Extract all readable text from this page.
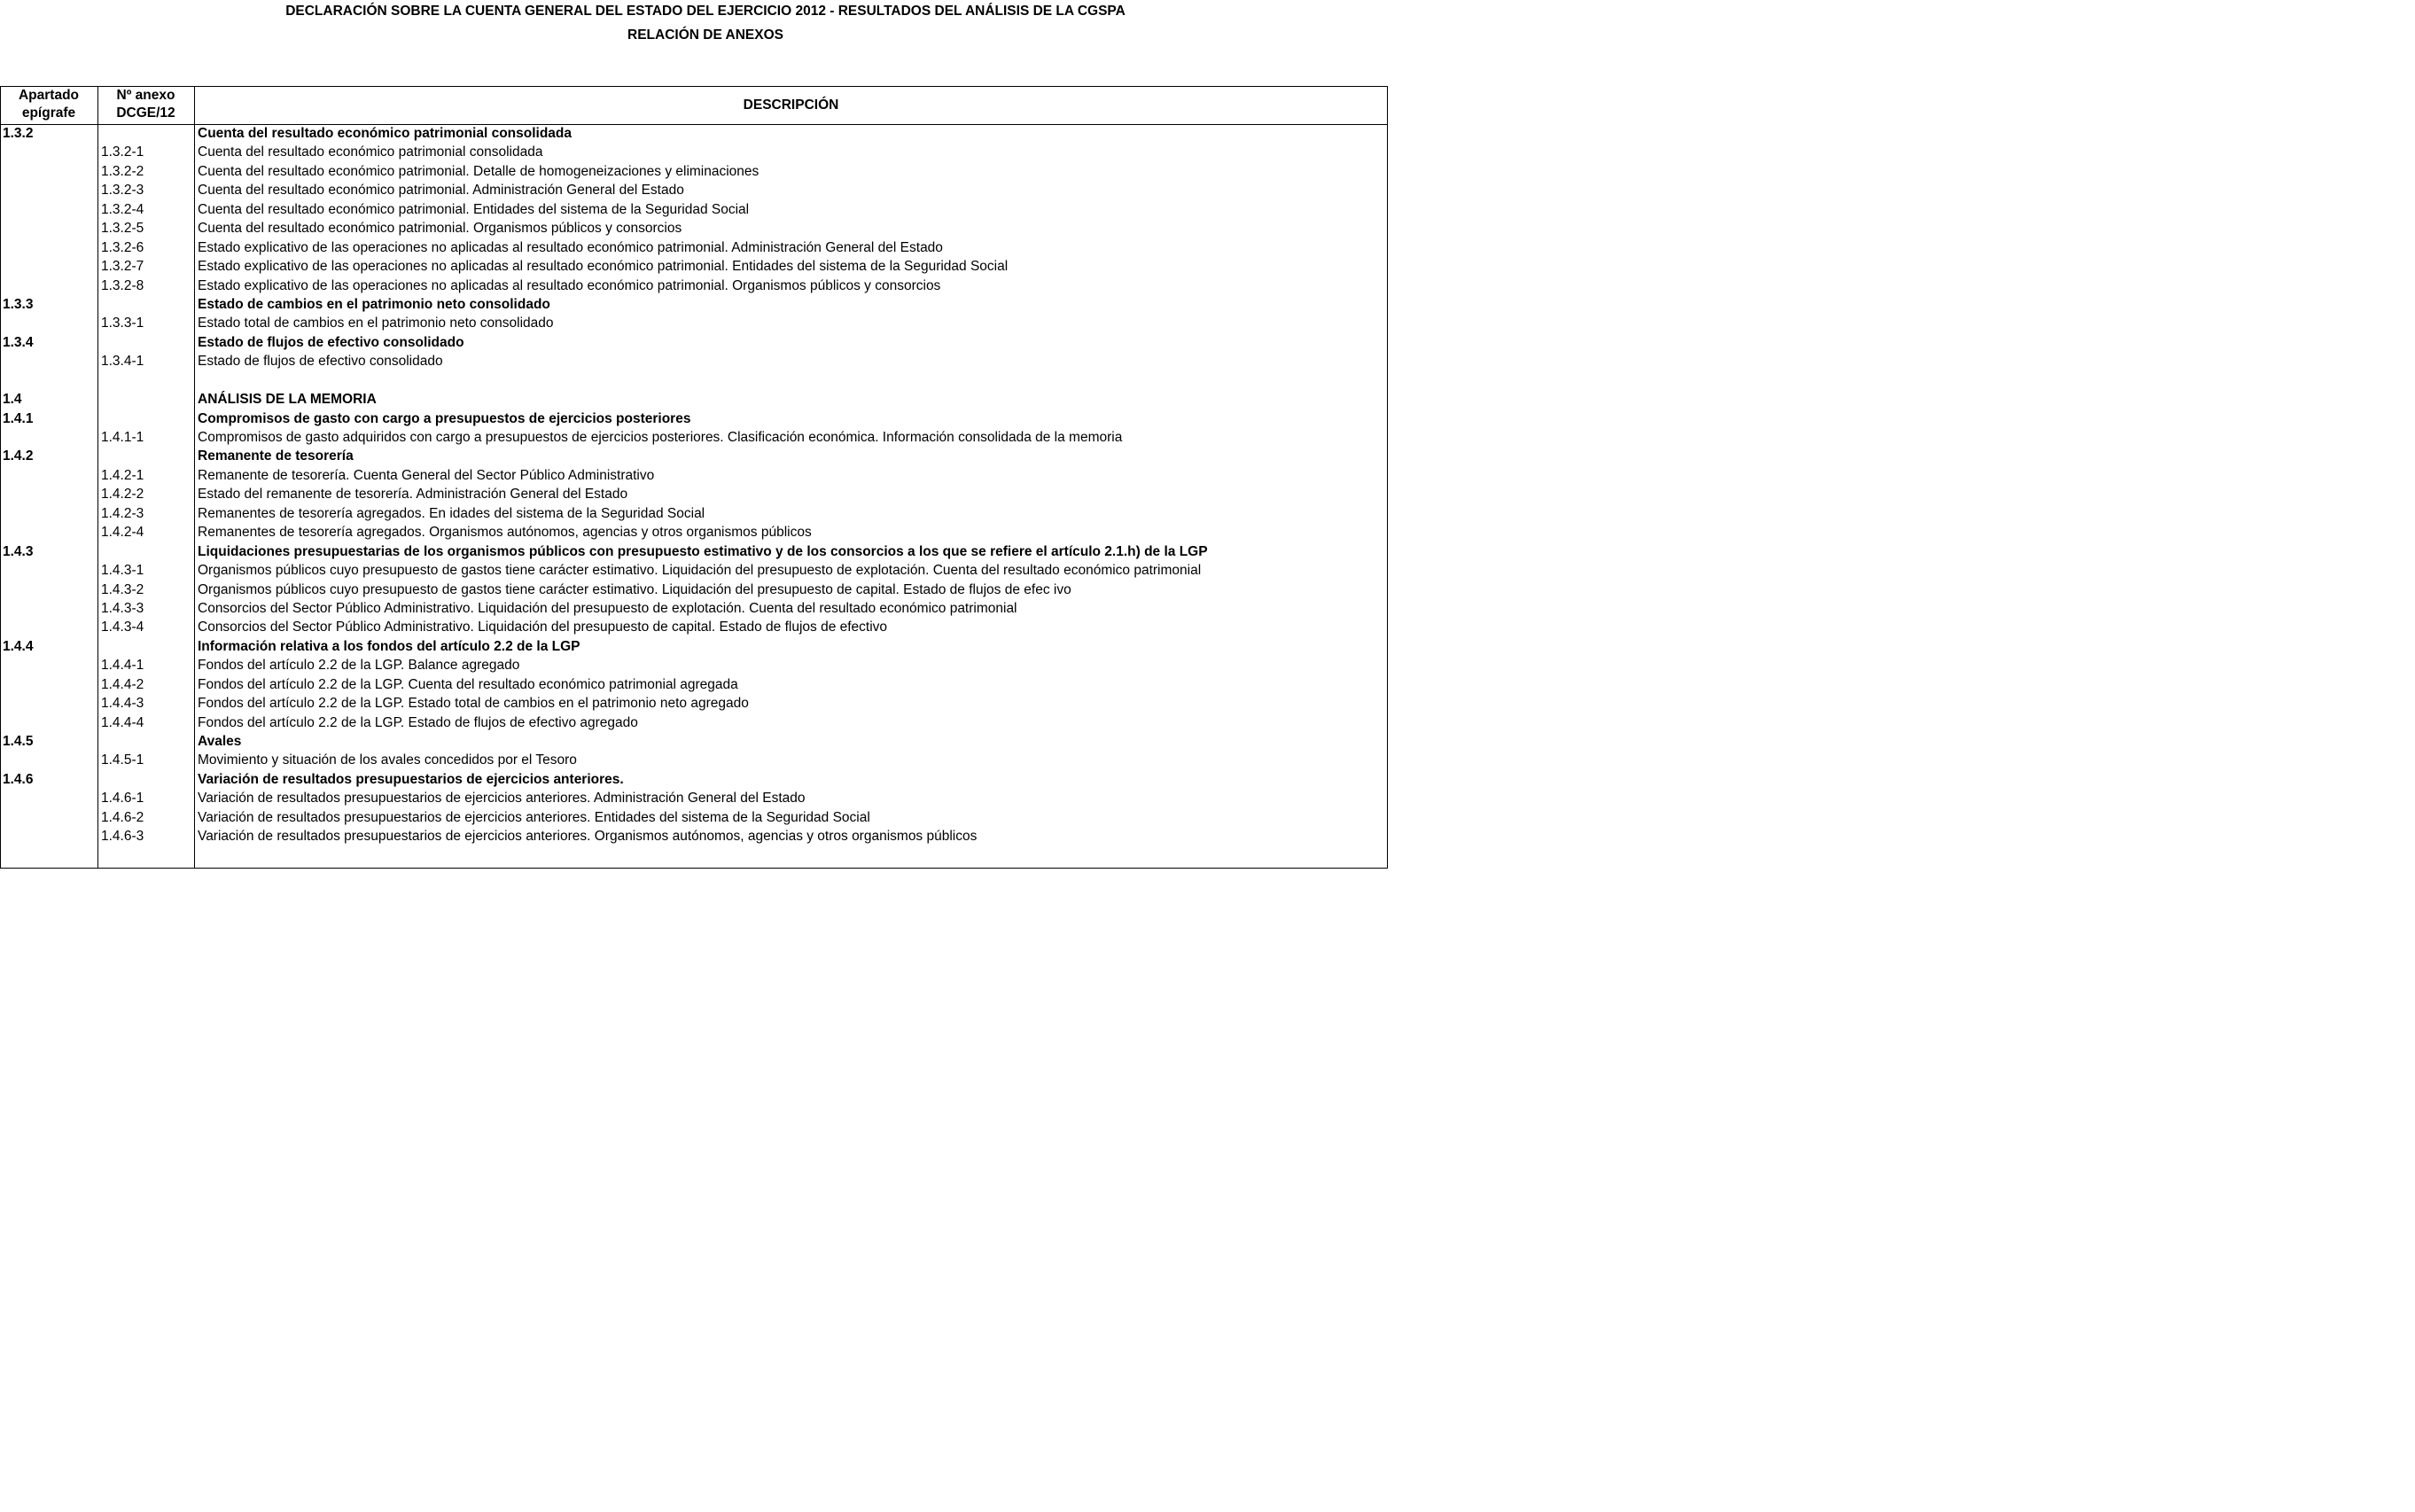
DECLARACIÓN SOBRE LA CUENTA GENERAL DEL ESTADO DEL EJERCICIO 2012 - RESULTADOS DEL ANÁLISIS DE LA CGSPA
RELACIÓN DE ANEXOS
Apartado
epígrafe
Nº anexo
DCGE/12
DESCRIPCIÓN
1.3.2	Cuenta del resultado económico patrimonial consolidada
1.3.2-1	Cuenta del resultado económico patrimonial consolidada
1.3.2-2	Cuenta del resultado económico patrimonial. Detalle de homogeneizaciones y eliminaciones
1.3.2-3	Cuenta del resultado económico patrimonial. Administración General del Estado
1.3.2-4	Cuenta del resultado económico patrimonial. Entidades del sistema de la Seguridad Social
1.3.2-5	Cuenta del resultado económico patrimonial. Organismos públicos y consorcios
1.3.2-6	Estado explicativo de las operaciones no aplicadas al resultado económico patrimonial. Administración General del Estado
1.3.2-7	Estado explicativo de las operaciones no aplicadas al resultado económico patrimonial. Entidades del sistema de la Seguridad Social
1.3.2-8	Estado explicativo de las operaciones no aplicadas al resultado económico patrimonial. Organismos públicos y consorcios
1.3.3	Estado de cambios en el patrimonio neto consolidado
1.3.3-1	Estado total de cambios en el patrimonio neto consolidado
1.3.4	Estado de flujos de efectivo consolidado
1.3.4-1	Estado de flujos de efectivo consolidado
1.4	ANÁLISIS DE LA MEMORIA
1.4.1	Compromisos de gasto con cargo a presupuestos de ejercicios posteriores
1.4.1-1	Compromisos de gasto adquiridos con cargo a presupuestos de ejercicios posteriores. Clasificación económica. Información consolidada de la memoria
1.4.2	Remanente de tesorería
1.4.2-1	Remanente de tesorería. Cuenta General del Sector Público Administrativo
1.4.2-2	Estado del remanente de tesorería. Administración General del Estado
1.4.2-3	Remanentes de tesorería agregados. En idades del sistema de la Seguridad Social
1.4.2-4	Remanentes de tesorería agregados. Organismos autónomos, agencias y otros organismos públicos
1.4.3	Liquidaciones presupuestarias de los organismos públicos con presupuesto estimativo y de los consorcios a los que se refiere el artículo 2.1.h) de la LGP
1.4.3-1	Organismos públicos cuyo presupuesto de gastos tiene carácter estimativo. Liquidación del presupuesto de explotación. Cuenta del resultado económico patrimonial
1.4.3-2	Organismos públicos cuyo presupuesto de gastos tiene carácter estimativo. Liquidación del presupuesto de capital. Estado de flujos de efec ivo
1.4.3-3	Consorcios del Sector Público Administrativo. Liquidación del presupuesto de explotación. Cuenta del resultado económico patrimonial
1.4.3-4	Consorcios del Sector Público Administrativo. Liquidación del presupuesto de capital. Estado de flujos de efectivo
1.4.4	Información relativa a los fondos del artículo 2.2 de la LGP
1.4.4-1	Fondos del artículo 2.2 de la LGP. Balance agregado
1.4.4-2	Fondos del artículo 2.2 de la LGP. Cuenta del resultado económico patrimonial agregada
1.4.4-3	Fondos del artículo 2.2 de la LGP. Estado total de cambios en el patrimonio neto agregado
1.4.4-4	Fondos del artículo 2.2 de la LGP. Estado de flujos de efectivo agregado
1.4.5	Avales
1.4.5-1	Movimiento y situación de los avales concedidos por el Tesoro
1.4.6	Variación de resultados presupuestarios de ejercicios anteriores.
1.4.6-1	Variación de resultados presupuestarios de ejercicios anteriores. Administración General del Estado
1.4.6-2	Variación de resultados presupuestarios de ejercicios anteriores. Entidades del sistema de la Seguridad Social
1.4.6-3	Variación de resultados presupuestarios de ejercicios anteriores. Organismos autónomos, agencias y otros organismos públicos
